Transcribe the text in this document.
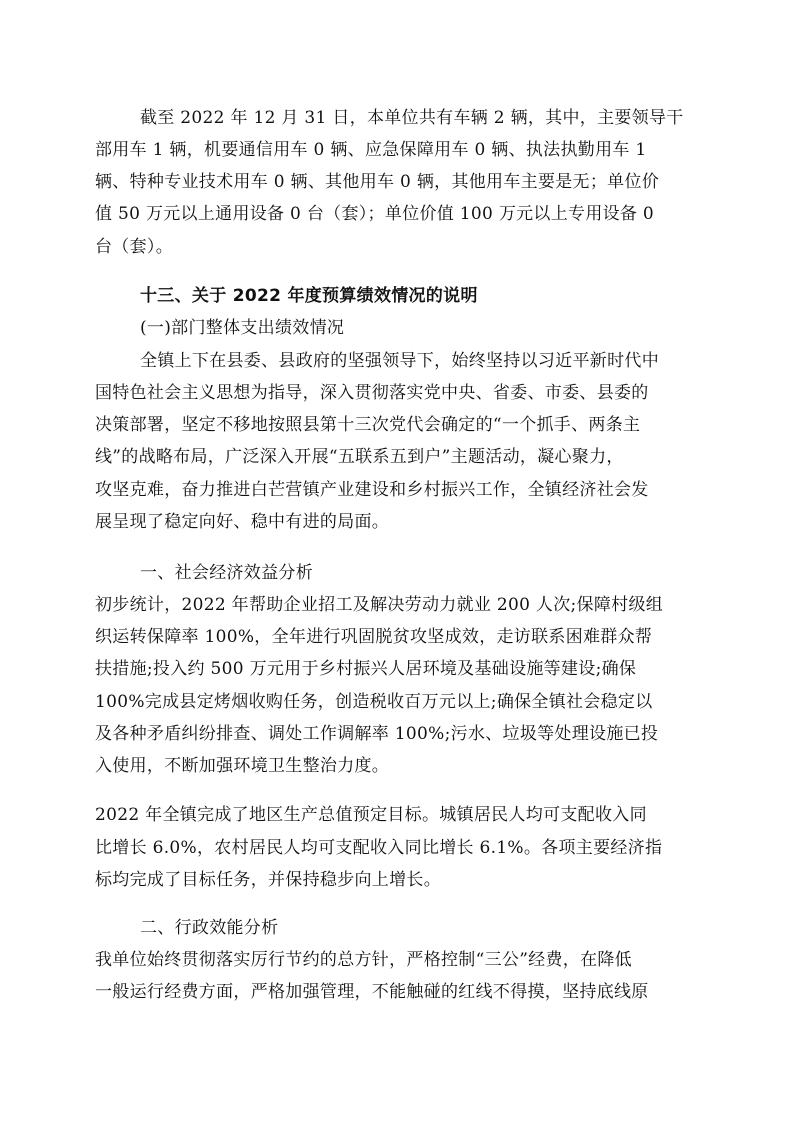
截至 2022 年 12 月 31 日，本单位共有车辆 2 辆，其中，主要领导干
部用车 1 辆，机要通信用车 0 辆、应急保障用车 0 辆、执法执勤用车 1
辆、特种专业技术用车 0 辆、其他用车 0 辆，其他用车主要是无；单位价
值 50 万元以上通用设备 0 台（套）；单位价值 100 万元以上专用设备 0
台（套）。
十三、关于 2022 年度预算绩效情况的说明
(一)部门整体支出绩效情况
全镇上下在县委、县政府的坚强领导下，始终坚持以习近平新时代中
国特色社会主义思想为指导，深入贯彻落实党中央、省委、市委、县委的
决策部署，坚定不移地按照县第十三次党代会确定的“一个抓手、两条主
线”的战略布局，广泛深入开展“五联系五到户”主题活动，凝心聚力，
攻坚克难，奋力推进白芒营镇产业建设和乡村振兴工作，全镇经济社会发
展呈现了稳定向好、稳中有进的局面。
一、社会经济效益分析
初步统计，2022 年帮助企业招工及解决劳动力就业 200 人次;保障村级组
织运转保障率 100%，全年进行巩固脱贫攻坚成效，走访联系困难群众帮
扶措施;投入约 500 万元用于乡村振兴人居环境及基础设施等建设;确保
100%完成县定烤烟收购任务，创造税收百万元以上;确保全镇社会稳定以
及各种矛盾纠纷排查、调处工作调解率 100%;污水、垃圾等处理设施已投
入使用，不断加强环境卫生整治力度。
2022 年全镇完成了地区生产总值预定目标。城镇居民人均可支配收入同
比增长 6.0%，农村居民人均可支配收入同比增长 6.1%。各项主要经济指
标均完成了目标任务，并保持稳步向上增长。
二、行政效能分析
我单位始终贯彻落实厉行节约的总方针，严格控制“三公”经费，在降低
一般运行经费方面，严格加强管理，不能触碰的红线不得摸，坚持底线原
